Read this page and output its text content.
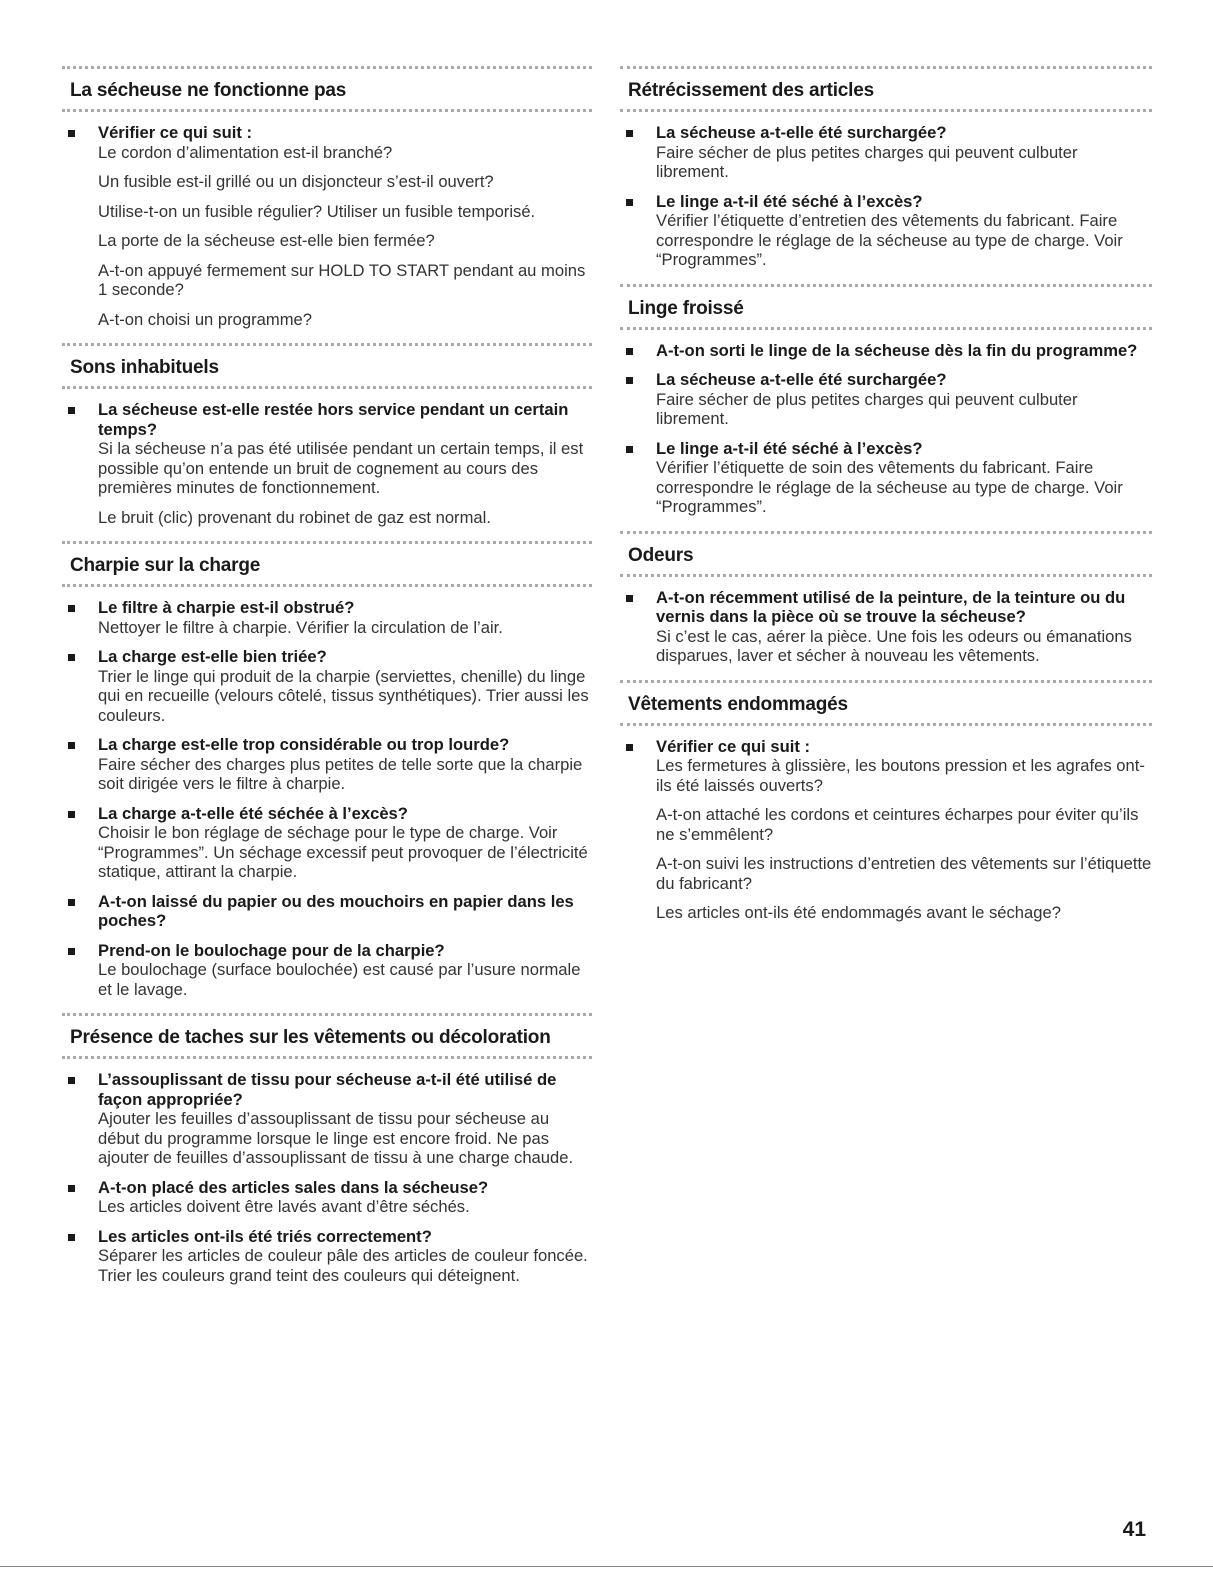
La sécheuse ne fonctionne pas
Vérifier ce qui suit :
Le cordon d’alimentation est-il branché?
Un fusible est-il grillé ou un disjoncteur s’est-il ouvert?
Utilise-t-on un fusible régulier? Utiliser un fusible temporisé.
La porte de la sécheuse est-elle bien fermée?
A-t-on appuyé fermement sur HOLD TO START pendant au moins 1 seconde?
A-t-on choisi un programme?
Sons inhabituels
La sécheuse est-elle restée hors service pendant un certain temps?
Si la sécheuse n’a pas été utilisée pendant un certain temps, il est possible qu’on entende un bruit de cognement au cours des premières minutes de fonctionnement.
Le bruit (clic) provenant du robinet de gaz est normal.
Charpie sur la charge
Le filtre à charpie est-il obstrué?
Nettoyer le filtre à charpie. Vérifier la circulation de l’air.
La charge est-elle bien triée?
Trier le linge qui produit de la charpie (serviettes, chenille) du linge qui en recueille (velours côtelé, tissus synthétiques). Trier aussi les couleurs.
La charge est-elle trop considérable ou trop lourde?
Faire sécher des charges plus petites de telle sorte que la charpie soit dirigée vers le filtre à charpie.
La charge a-t-elle été séchée à l’excès?
Choisir le bon réglage de séchage pour le type de charge. Voir “Programmes”. Un séchage excessif peut provoquer de l’électricité statique, attirant la charpie.
A-t-on laissé du papier ou des mouchoirs en papier dans les poches?
Prend-on le boulochage pour de la charpie?
Le boulochage (surface boulochée) est causé par l’usure normale et le lavage.
Présence de taches sur les vêtements ou décoloration
L’assouplissant de tissu pour sécheuse a-t-il été utilisé de façon appropriée?
Ajouter les feuilles d’assouplissant de tissu pour sécheuse au début du programme lorsque le linge est encore froid. Ne pas ajouter de feuilles d’assouplissant de tissu à une charge chaude.
A-t-on placé des articles sales dans la sécheuse?
Les articles doivent être lavés avant d’être séchés.
Les articles ont-ils été triés correctement?
Séparer les articles de couleur pâle des articles de couleur foncée. Trier les couleurs grand teint des couleurs qui déteignent.
Rétrécissement des articles
La sécheuse a-t-elle été surchargée?
Faire sécher de plus petites charges qui peuvent culbuter librement.
Le linge a-t-il été séché à l’excès?
Vérifier l’étiquette d’entretien des vêtements du fabricant. Faire correspondre le réglage de la sécheuse au type de charge. Voir “Programmes”.
Linge froissé
A-t-on sorti le linge de la sécheuse dès la fin du programme?
La sécheuse a-t-elle été surchargée?
Faire sécher de plus petites charges qui peuvent culbuter librement.
Le linge a-t-il été séché à l’excès?
Vérifier l’étiquette de soin des vêtements du fabricant. Faire correspondre le réglage de la sécheuse au type de charge. Voir “Programmes”.
Odeurs
A-t-on récemment utilisé de la peinture, de la teinture ou du vernis dans la pièce où se trouve la sécheuse?
Si c’est le cas, aérer la pièce. Une fois les odeurs ou émanations disparues, laver et sécher à nouveau les vêtements.
Vêtements endommagés
Vérifier ce qui suit :
Les fermetures à glissière, les boutons pression et les agrafes ont-ils été laissés ouverts?
A-t-on attaché les cordons et ceintures écharpes pour éviter qu’ils ne s’emmêlent?
A-t-on suivi les instructions d’entretien des vêtements sur l’étiquette du fabricant?
Les articles ont-ils été endommagés avant le séchage?
41
